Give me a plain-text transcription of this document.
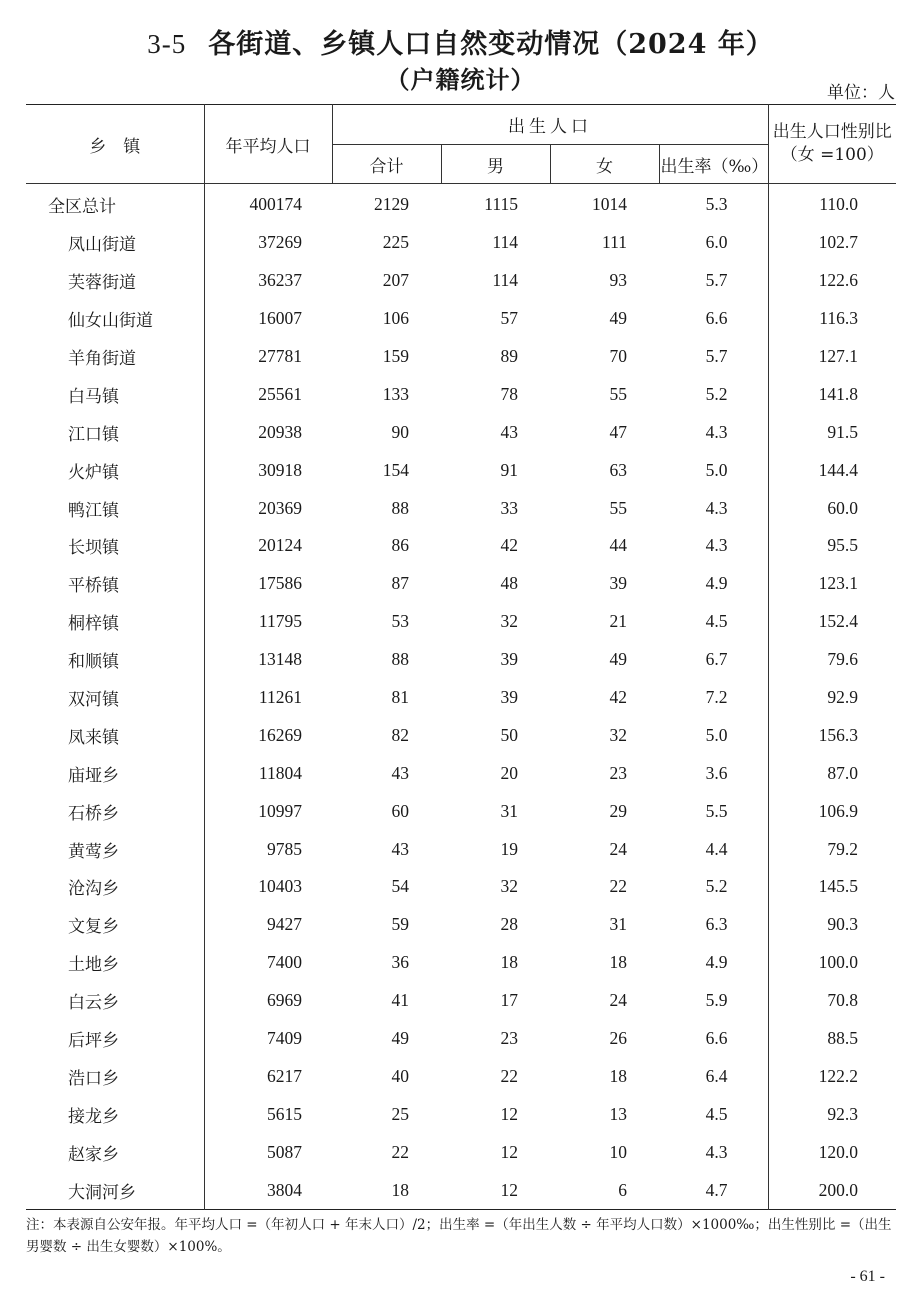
3-5 各街道、乡镇人口自然变动情况（2024 年）
（户籍统计）	单位：人
乡　镇	年平均人口	出生人口				出生人口性别比（女 =100）
		合计	男	女	出生率（‰）	
全区总计	400174	2129	1115	1014	5.3	110.0
凤山街道	37269	225	114	111	6.0	102.7
芙蓉街道	36237	207	114	93	5.7	122.6
仙女山街道	16007	106	57	49	6.6	116.3
羊角街道	27781	159	89	70	5.7	127.1
白马镇	25561	133	78	55	5.2	141.8
江口镇	20938	90	43	47	4.3	91.5
火炉镇	30918	154	91	63	5.0	144.4
鸭江镇	20369	88	33	55	4.3	60.0
长坝镇	20124	86	42	44	4.3	95.5
平桥镇	17586	87	48	39	4.9	123.1
桐梓镇	11795	53	32	21	4.5	152.4
和顺镇	13148	88	39	49	6.7	79.6
双河镇	11261	81	39	42	7.2	92.9
凤来镇	16269	82	50	32	5.0	156.3
庙垭乡	11804	43	20	23	3.6	87.0
石桥乡	10997	60	31	29	5.5	106.9
黄莺乡	9785	43	19	24	4.4	79.2
沧沟乡	10403	54	32	22	5.2	145.5
文复乡	9427	59	28	31	6.3	90.3
土地乡	7400	36	18	18	4.9	100.0
白云乡	6969	41	17	24	5.9	70.8
后坪乡	7409	49	23	26	6.6	88.5
浩口乡	6217	40	22	18	6.4	122.2
接龙乡	5615	25	12	13	4.5	92.3
赵家乡	5087	22	12	10	4.3	120.0
大洞河乡	3804	18	12	6	4.7	200.0
注：本表源自公安年报。年平均人口 =（年初人口 + 年末人口）/2；出生率 =（年出生人数 ÷ 年平均人口数）×1000‰；出生性别比 =（出生男婴数 ÷ 出生女婴数）×100%。
- 61 -
